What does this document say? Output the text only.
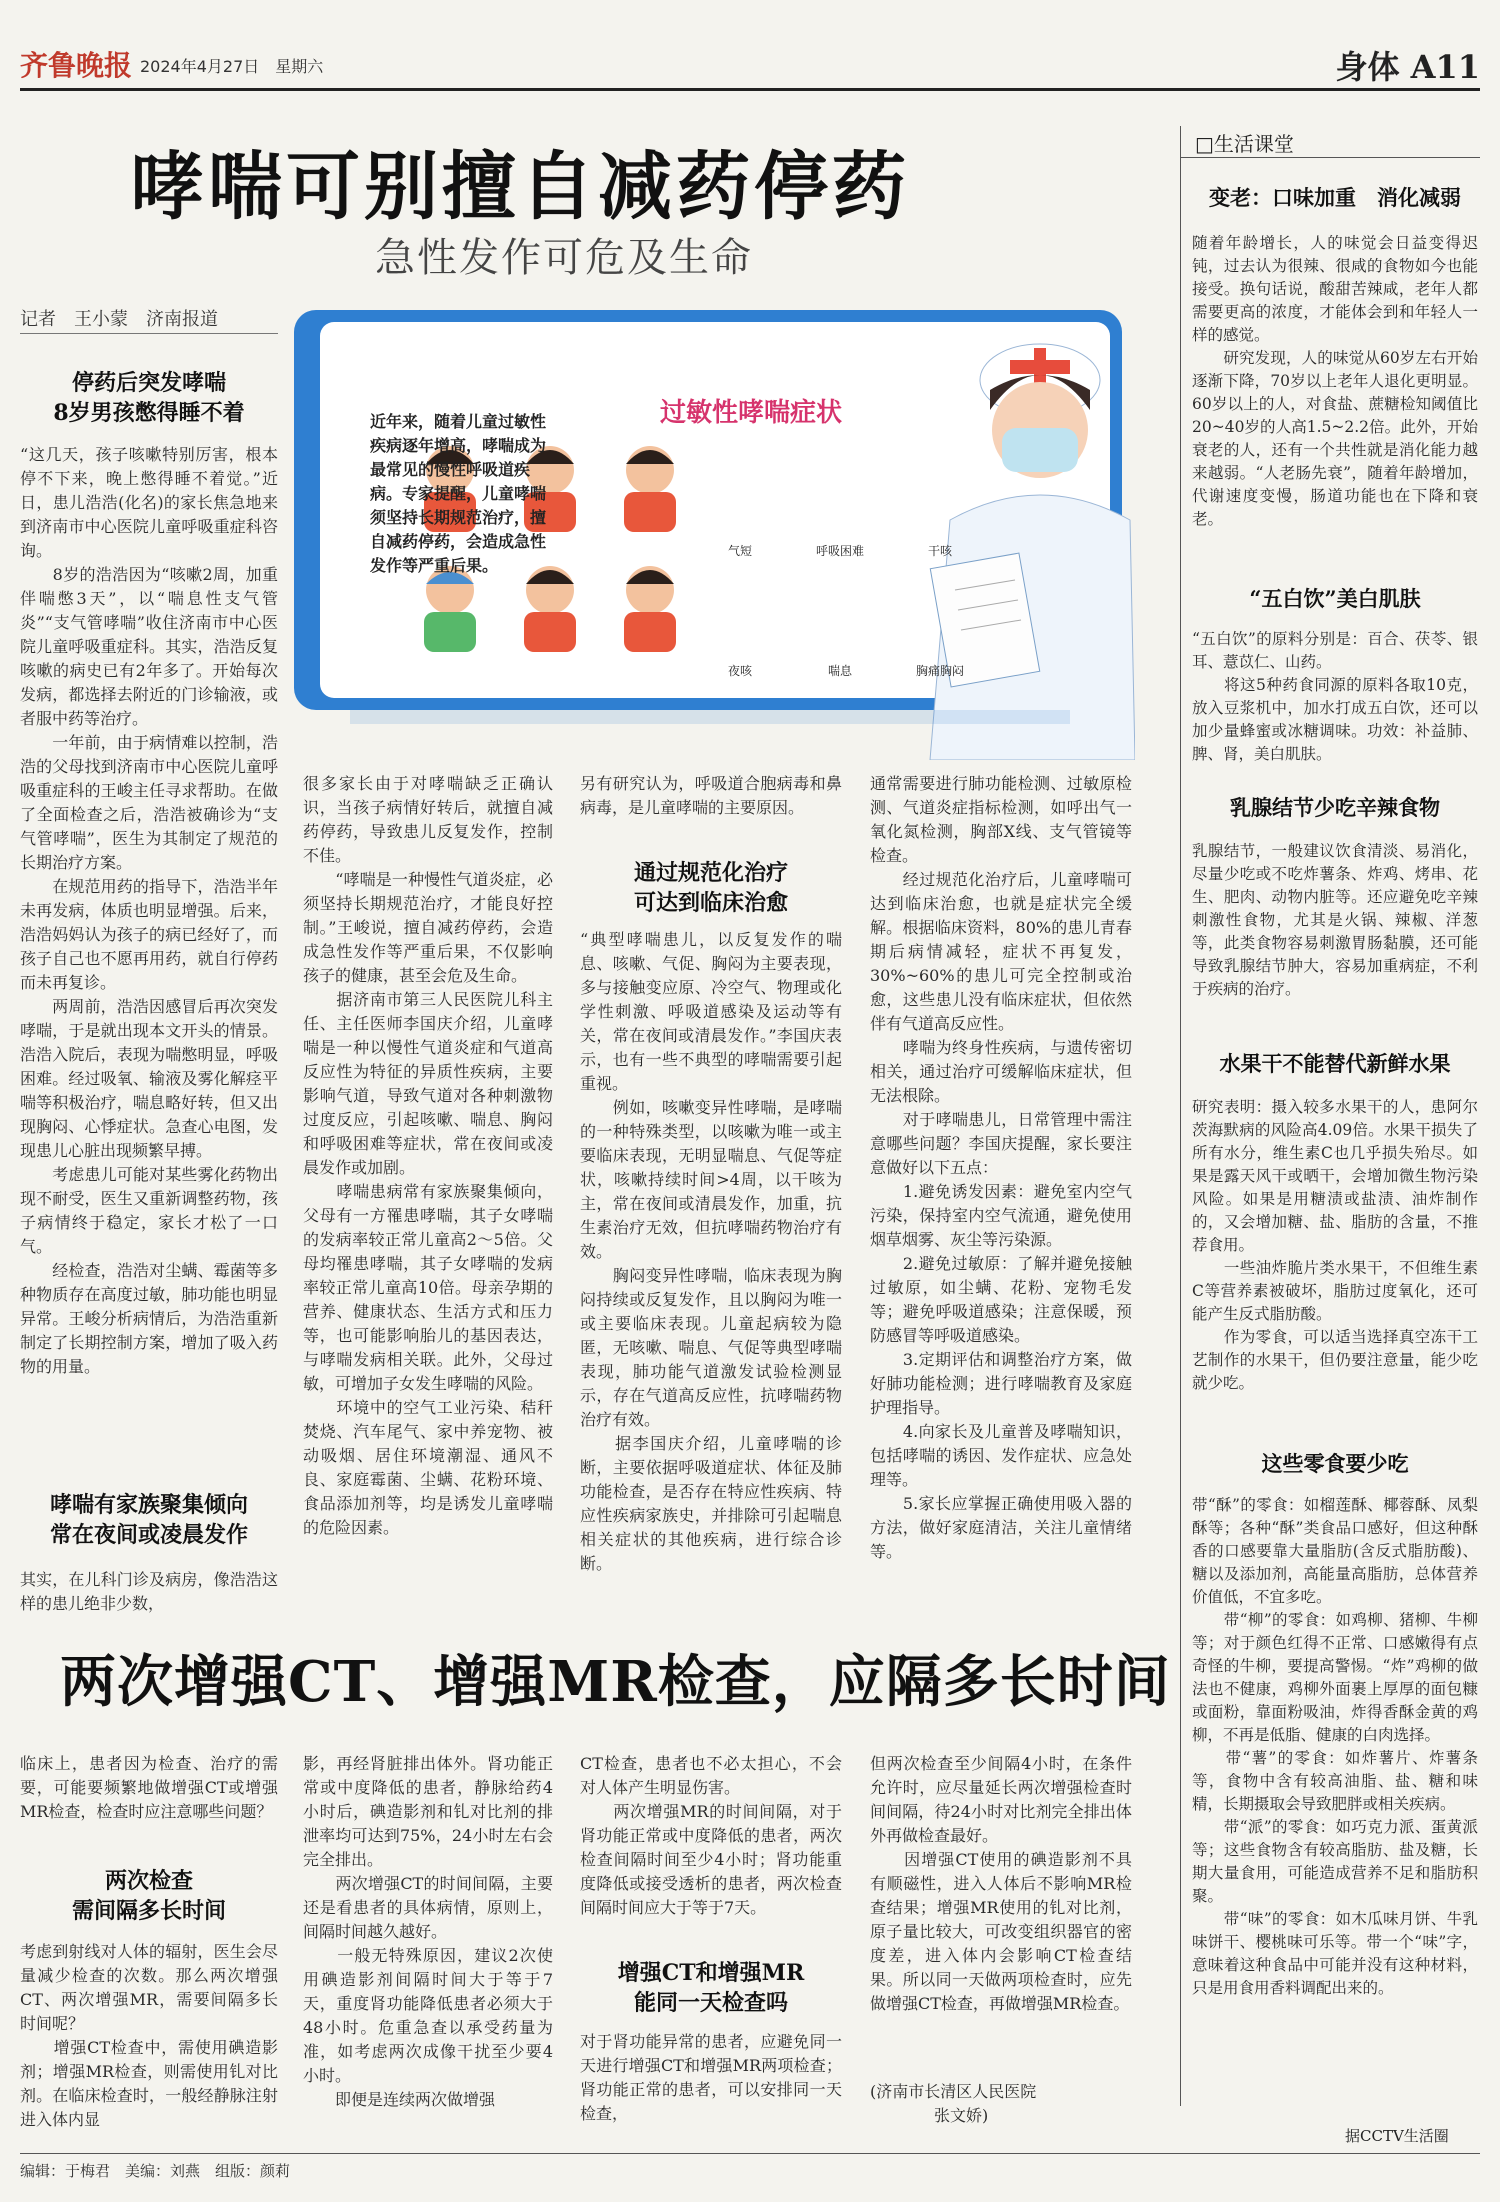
齐鲁晚报 2024年4月27日　星期六	身体 A11
哮喘可别擅自减药停药
急性发作可危及生命
记者　王小蒙　济南报道
近年来，随着儿童过敏性疾病逐年增高，哮喘成为最常见的慢性呼吸道疾病。专家提醒，儿童哮喘须坚持长期规范治疗，擅自减药停药，会造成急性发作等严重后果。
过敏性哮喘症状
气短	呼吸困难	干咳
夜咳	喘息	胸痛胸闷
停药后突发哮喘
8岁男孩憋得睡不着
“这几天，孩子咳嗽特别厉害，根本停不下来，晚上憋得睡不着觉。”近日，患儿浩浩(化名)的家长焦急地来到济南市中心医院儿童呼吸重症科咨询。
　　8岁的浩浩因为“咳嗽2周，加重伴喘憋3天”，以“喘息性支气管炎”“支气管哮喘”收住济南市中心医院儿童呼吸重症科。其实，浩浩反复咳嗽的病史已有2年多了。开始每次发病，都选择去附近的门诊输液，或者服中药等治疗。
　　一年前，由于病情难以控制，浩浩的父母找到济南市中心医院儿童呼吸重症科的王峻主任寻求帮助。在做了全面检查之后，浩浩被确诊为“支气管哮喘”，医生为其制定了规范的长期治疗方案。
　　在规范用药的指导下，浩浩半年未再发病，体质也明显增强。后来，浩浩妈妈认为孩子的病已经好了，而孩子自己也不愿再用药，就自行停药而未再复诊。
　　两周前，浩浩因感冒后再次突发哮喘，于是就出现本文开头的情景。浩浩入院后，表现为喘憋明显，呼吸困难。经过吸氧、输液及雾化解痉平喘等积极治疗，喘息略好转，但又出现胸闷、心悸症状。急查心电图，发现患儿心脏出现频繁早搏。
　　考虑患儿可能对某些雾化药物出现不耐受，医生又重新调整药物，孩子病情终于稳定，家长才松了一口气。
　　经检查，浩浩对尘螨、霉菌等多种物质存在高度过敏，肺功能也明显异常。王峻分析病情后，为浩浩重新制定了长期控制方案，增加了吸入药物的用量。
哮喘有家族聚集倾向
常在夜间或凌晨发作
其实，在儿科门诊及病房，像浩浩这样的患儿绝非少数，
很多家长由于对哮喘缺乏正确认识，当孩子病情好转后，就擅自减药停药，导致患儿反复发作，控制不佳。
　　“哮喘是一种慢性气道炎症，必须坚持长期规范治疗，才能良好控制。”王峻说，擅自减药停药，会造成急性发作等严重后果，不仅影响孩子的健康，甚至会危及生命。
　　据济南市第三人民医院儿科主任、主任医师李国庆介绍，儿童哮喘是一种以慢性气道炎症和气道高反应性为特征的异质性疾病，主要影响气道，导致气道对各种刺激物过度反应，引起咳嗽、喘息、胸闷和呼吸困难等症状，常在夜间或凌晨发作或加剧。
　　哮喘患病常有家族聚集倾向，父母有一方罹患哮喘，其子女哮喘的发病率较正常儿童高2～5倍。父母均罹患哮喘，其子女哮喘的发病率较正常儿童高10倍。母亲孕期的营养、健康状态、生活方式和压力等，也可能影响胎儿的基因表达，与哮喘发病相关联。此外，父母过敏，可增加子女发生哮喘的风险。
　　环境中的空气工业污染、秸秆焚烧、汽车尾气、家中养宠物、被动吸烟、居住环境潮湿、通风不良、家庭霉菌、尘螨、花粉环境、食品添加剂等，均是诱发儿童哮喘的危险因素。
另有研究认为，呼吸道合胞病毒和鼻病毒，是儿童哮喘的主要原因。
通过规范化治疗
可达到临床治愈
“典型哮喘患儿，以反复发作的喘息、咳嗽、气促、胸闷为主要表现，多与接触变应原、冷空气、物理或化学性刺激、呼吸道感染及运动等有关，常在夜间或清晨发作。”李国庆表示，也有一些不典型的哮喘需要引起重视。
　　例如，咳嗽变异性哮喘，是哮喘的一种特殊类型，以咳嗽为唯一或主要临床表现，无明显喘息、气促等症状，咳嗽持续时间>4周，以干咳为主，常在夜间或清晨发作，加重，抗生素治疗无效，但抗哮喘药物治疗有效。
　　胸闷变异性哮喘，临床表现为胸闷持续或反复发作，且以胸闷为唯一或主要临床表现。儿童起病较为隐匿，无咳嗽、喘息、气促等典型哮喘表现，肺功能气道激发试验检测显示，存在气道高反应性，抗哮喘药物治疗有效。
　　据李国庆介绍，儿童哮喘的诊断，主要依据呼吸道症状、体征及肺功能检查，是否存在特应性疾病、特应性疾病家族史，并排除可引起喘息相关症状的其他疾病，进行综合诊断。
通常需要进行肺功能检测、过敏原检测、气道炎症指标检测，如呼出气一氧化氮检测，胸部X线、支气管镜等检查。
　　经过规范化治疗后，儿童哮喘可达到临床治愈，也就是症状完全缓解。根据临床资料，80%的患儿青春期后病情减轻，症状不再复发，30%~60%的患儿可完全控制或治愈，这些患儿没有临床症状，但依然伴有气道高反应性。
　　哮喘为终身性疾病，与遗传密切相关，通过治疗可缓解临床症状，但无法根除。
　　对于哮喘患儿，日常管理中需注意哪些问题？李国庆提醒，家长要注意做好以下五点：
　　1.避免诱发因素：避免室内空气污染，保持室内空气流通，避免使用烟草烟雾、灰尘等污染源。
　　2.避免过敏原：了解并避免接触过敏原，如尘螨、花粉、宠物毛发等；避免呼吸道感染；注意保暖，预防感冒等呼吸道感染。
　　3.定期评估和调整治疗方案，做好肺功能检测；进行哮喘教育及家庭护理指导。
　　4.向家长及儿童普及哮喘知识，包括哮喘的诱因、发作症状、应急处理等。
　　5.家长应掌握正确使用吸入器的方法，做好家庭清洁，关注儿童情绪等。
两次增强CT、增强MR检查，应隔多长时间
临床上，患者因为检查、治疗的需要，可能要频繁地做增强CT或增强MR检查，检查时应注意哪些问题？
两次检查
需间隔多长时间
考虑到射线对人体的辐射，医生会尽量减少检查的次数。那么两次增强CT、两次增强MR，需要间隔多长时间呢？
　　增强CT检查中，需使用碘造影剂；增强MR检查，则需使用钆对比剂。在临床检查时，一般经静脉注射进入体内显
影，再经肾脏排出体外。肾功能正常或中度降低的患者，静脉给药4小时后，碘造影剂和钆对比剂的排泄率均可达到75%，24小时左右会完全排出。
　　两次增强CT的时间间隔，主要还是看患者的具体病情，原则上，间隔时间越久越好。
　　一般无特殊原因，建议2次使用碘造影剂间隔时间大于等于7天，重度肾功能降低患者必须大于48小时。危重急查以承受药量为准，如考虑两次成像干扰至少要4小时。
　　即便是连续两次做增强
CT检查，患者也不必太担心，不会对人体产生明显伤害。
　　两次增强MR的时间间隔，对于肾功能正常或中度降低的患者，两次检查间隔时间至少4小时；肾功能重度降低或接受透析的患者，两次检查间隔时间应大于等于7天。
增强CT和增强MR
能同一天检查吗
对于肾功能异常的患者，应避免同一天进行增强CT和增强MR两项检查；肾功能正常的患者，可以安排同一天检查，
但两次检查至少间隔4小时，在条件允许时，应尽量延长两次增强检查时间间隔，待24小时对比剂完全排出体外再做检查最好。
　　因增强CT使用的碘造影剂不具有顺磁性，进入人体后不影响MR检查结果；增强MR使用的钆对比剂，原子量比较大，可改变组织器官的密度差，进入体内会影响CT检查结果。所以同一天做两项检查时，应先做增强CT检查，再做增强MR检查。
(济南市长清区人民医院
　　　　张文娇)
□生活课堂
变老：口味加重　消化减弱
随着年龄增长，人的味觉会日益变得迟钝，过去认为很辣、很咸的食物如今也能接受。换句话说，酸甜苦辣咸，老年人都需要更高的浓度，才能体会到和年轻人一样的感觉。
　　研究发现，人的味觉从60岁左右开始逐渐下降，70岁以上老年人退化更明显。60岁以上的人，对食盐、蔗糖检知阈值比20~40岁的人高1.5~2.2倍。此外，开始衰老的人，还有一个共性就是消化能力越来越弱。“人老肠先衰”，随着年龄增加，代谢速度变慢，肠道功能也在下降和衰老。
“五白饮”美白肌肤
“五白饮”的原料分别是：百合、茯苓、银耳、薏苡仁、山药。
　　将这5种药食同源的原料各取10克，放入豆浆机中，加水打成五白饮，还可以加少量蜂蜜或冰糖调味。功效：补益肺、脾、肾，美白肌肤。
乳腺结节少吃辛辣食物
乳腺结节，一般建议饮食清淡、易消化，尽量少吃或不吃炸薯条、炸鸡、烤串、花生、肥肉、动物内脏等。还应避免吃辛辣刺激性食物，尤其是火锅、辣椒、洋葱等，此类食物容易刺激胃肠黏膜，还可能导致乳腺结节肿大，容易加重病症，不利于疾病的治疗。
水果干不能替代新鲜水果
研究表明：摄入较多水果干的人，患阿尔茨海默病的风险高4.09倍。水果干损失了所有水分，维生素C也几乎损失殆尽。如果是露天风干或晒干，会增加微生物污染风险。如果是用糖渍或盐渍、油炸制作的，又会增加糖、盐、脂肪的含量，不推荐食用。
　　一些油炸脆片类水果干，不但维生素C等营养素被破坏，脂肪过度氧化，还可能产生反式脂肪酸。
　　作为零食，可以适当选择真空冻干工艺制作的水果干，但仍要注意量，能少吃就少吃。
这些零食要少吃
带“酥”的零食：如榴莲酥、椰蓉酥、凤梨酥等；各种“酥”类食品口感好，但这种酥香的口感要靠大量脂肪(含反式脂肪酸)、糖以及添加剂，高能量高脂肪，总体营养价值低，不宜多吃。
　　带“柳”的零食：如鸡柳、猪柳、牛柳等；对于颜色红得不正常、口感嫩得有点奇怪的牛柳，要提高警惕。“炸”鸡柳的做法也不健康，鸡柳外面裹上厚厚的面包糠或面粉，靠面粉吸油，炸得香酥金黄的鸡柳，不再是低脂、健康的白肉选择。
　　带“薯”的零食：如炸薯片、炸薯条等，食物中含有较高油脂、盐、糖和味精，长期摄取会导致肥胖或相关疾病。
　　带“派”的零食：如巧克力派、蛋黄派等；这些食物含有较高脂肪、盐及糖，长期大量食用，可能造成营养不足和脂肪积聚。
　　带“味”的零食：如木瓜味月饼、牛乳味饼干、樱桃味可乐等。带一个“味”字，意味着这种食品中可能并没有这种材料，只是用食用香料调配出来的。
据CCTV生活圈
编辑：于梅君　美编：刘燕　组版：颜莉
